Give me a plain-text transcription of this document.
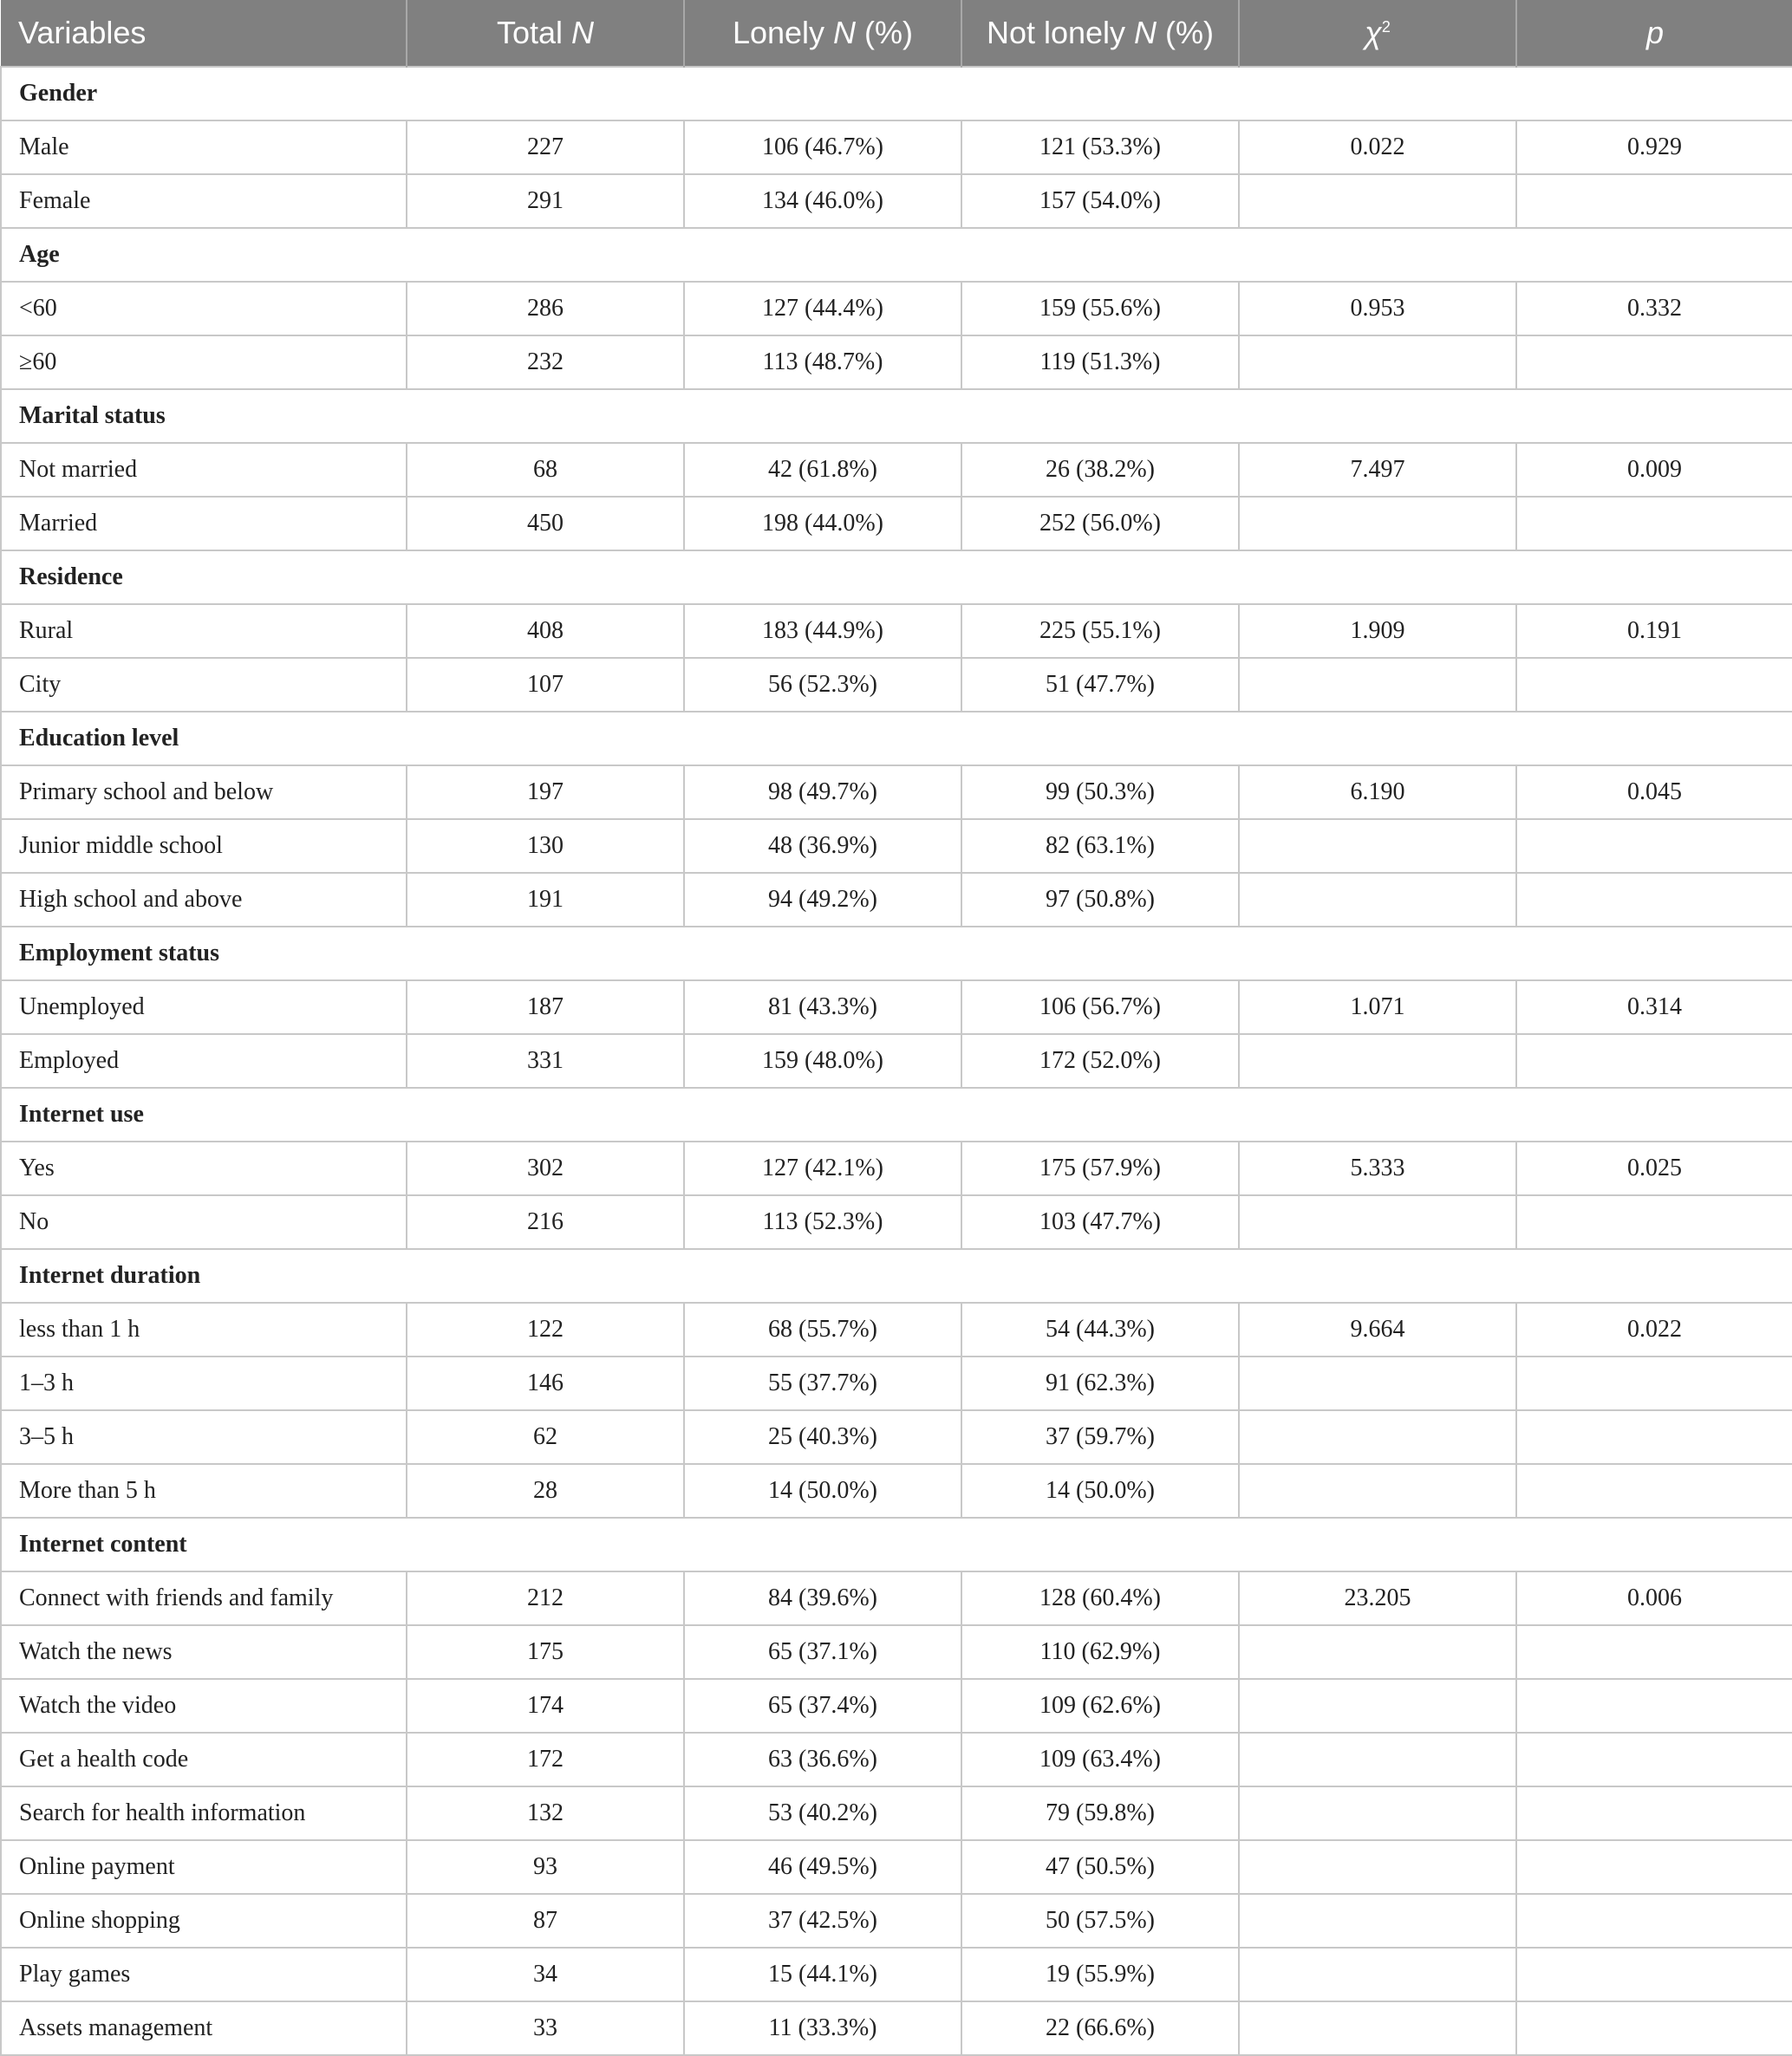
Variables	Total N	Lonely N (%)	Not lonely N (%)	$\chi^2$	p
Gender					
Male	227	106 (46.7%)	121 (53.3%)	0.022	0.929
Female	291	134 (46.0%)	157 (54.0%)		
Age					
<60	286	127 (44.4%)	159 (55.6%)	0.953	0.332
≥60	232	113 (48.7%)	119 (51.3%)		
Marital status					
Not married	68	42 (61.8%)	26 (38.2%)	7.497	0.009
Married	450	198 (44.0%)	252 (56.0%)		
Residence					
Rural	408	183 (44.9%)	225 (55.1%)	1.909	0.191
City	107	56 (52.3%)	51 (47.7%)		
Education level					
Primary school and below	197	98 (49.7%)	99 (50.3%)	6.190	0.045
Junior middle school	130	48 (36.9%)	82 (63.1%)		
High school and above	191	94 (49.2%)	97 (50.8%)		
Employment status					
Unemployed	187	81 (43.3%)	106 (56.7%)	1.071	0.314
Employed	331	159 (48.0%)	172 (52.0%)		
Internet use					
Yes	302	127 (42.1%)	175 (57.9%)	5.333	0.025
No	216	113 (52.3%)	103 (47.7%)		
Internet duration					
less than 1 h	122	68 (55.7%)	54 (44.3%)	9.664	0.022
1–3 h	146	55 (37.7%)	91 (62.3%)		
3–5 h	62	25 (40.3%)	37 (59.7%)		
More than 5 h	28	14 (50.0%)	14 (50.0%)		
Internet content					
Connect with friends and family	212	84 (39.6%)	128 (60.4%)	23.205	0.006
Watch the news	175	65 (37.1%)	110 (62.9%)		
Watch the video	174	65 (37.4%)	109 (62.6%)		
Get a health code	172	63 (36.6%)	109 (63.4%)		
Search for health information	132	53 (40.2%)	79 (59.8%)		
Online payment	93	46 (49.5%)	47 (50.5%)		
Online shopping	87	37 (42.5%)	50 (57.5%)		
Play games	34	15 (44.1%)	19 (55.9%)		
Assets management	33	11 (33.3%)	22 (66.6%)		
